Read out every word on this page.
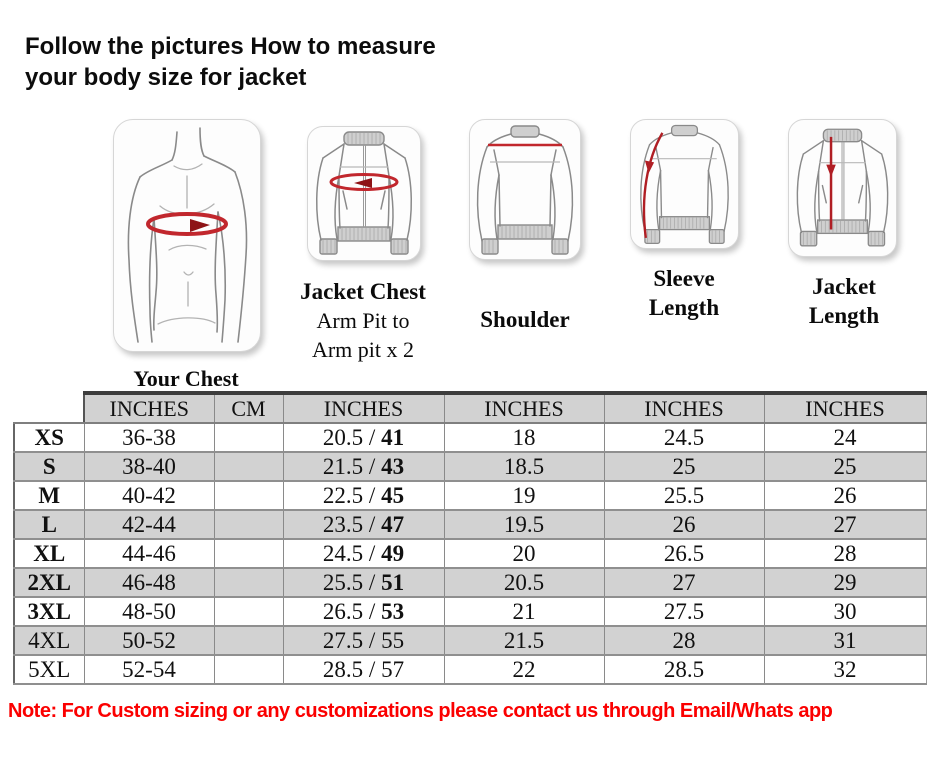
Follow the pictures How to measure
your body size for jacket
Your Chest
Jacket Chest
Arm Pit to
Arm pit x 2
Shoulder
Sleeve
Length
Jacket
Length
	INCHES	CM	INCHES	INCHES	INCHES	INCHES
XS	36-38		20.5 / 41	18	24.5	24
S	38-40		21.5 / 43	18.5	25	25
M	40-42		22.5 / 45	19	25.5	26
L	42-44		23.5 / 47	19.5	26	27
XL	44-46		24.5 / 49	20	26.5	28
2XL	46-48		25.5 / 51	20.5	27	29
3XL	48-50		26.5 / 53	21	27.5	30
4XL	50-52		27.5 / 55	21.5	28	31
5XL	52-54		28.5 / 57	22	28.5	32
Note: For Custom sizing or any customizations please contact us through Email/Whats app
